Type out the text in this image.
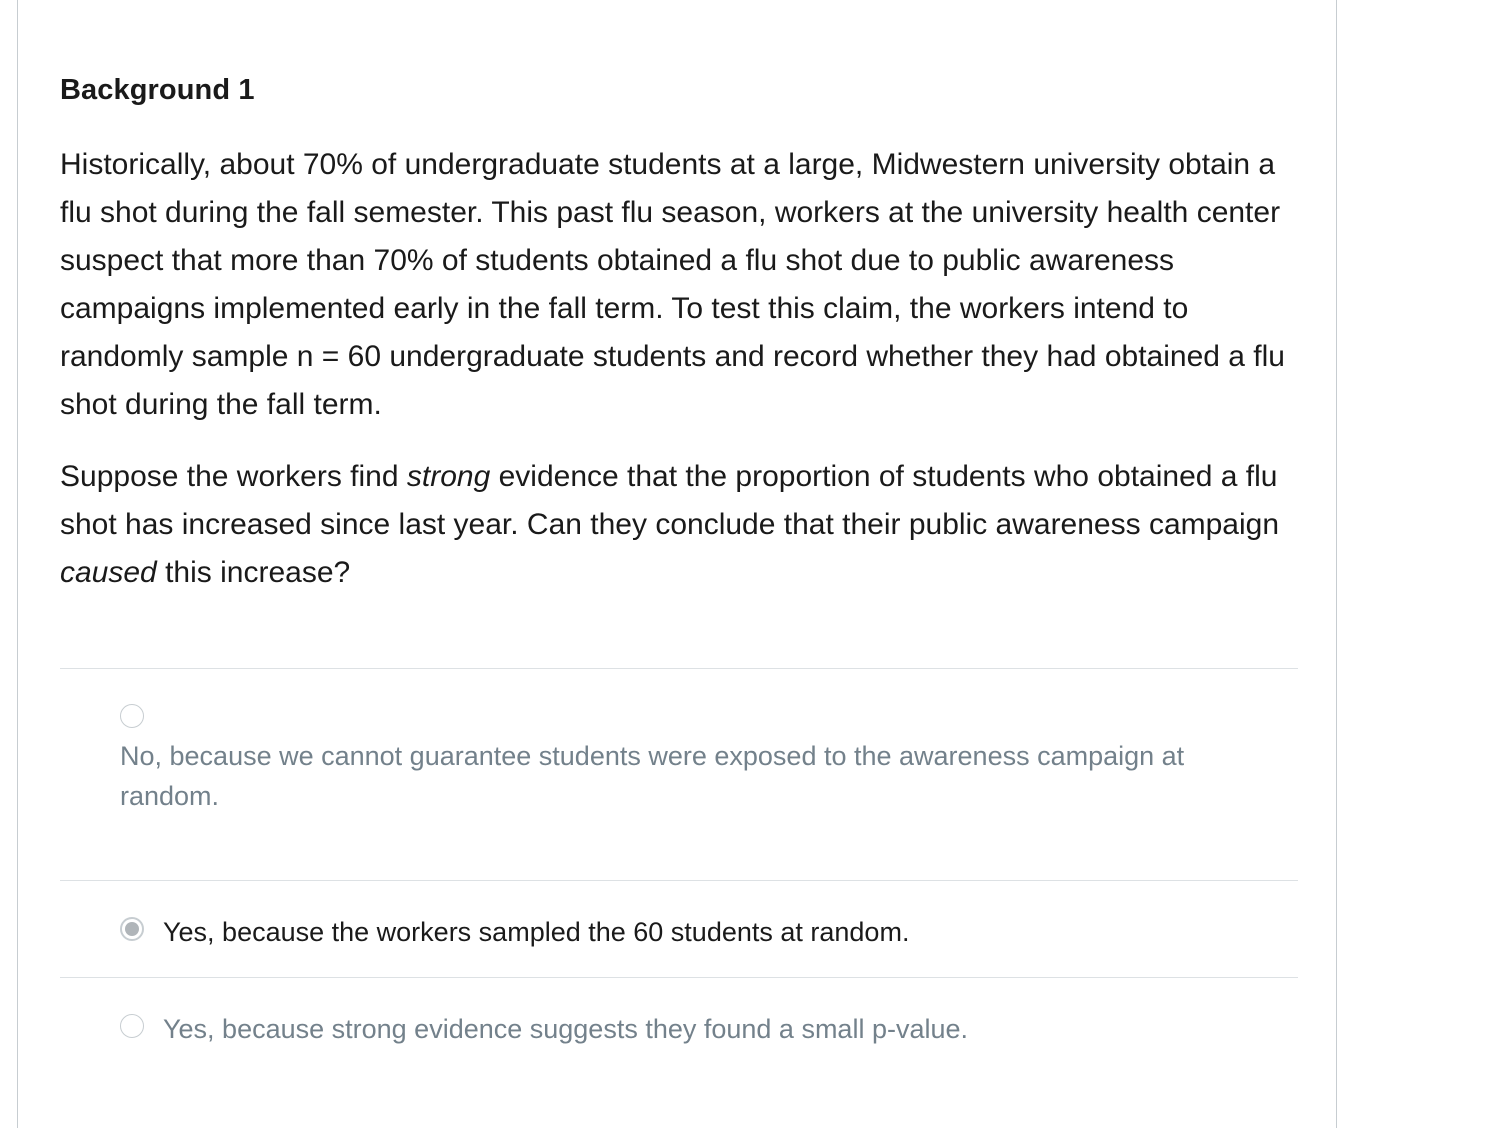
Background 1

Historically, about 70% of undergraduate students at a large, Midwestern university obtain a flu shot during the fall semester. This past flu season, workers at the university health center suspect that more than 70% of students obtained a flu shot due to public awareness campaigns implemented early in the fall term. To test this claim, the workers intend to randomly sample n = 60 undergraduate students and record whether they had obtained a flu shot during the fall term.

Suppose the workers find strong evidence that the proportion of students who obtained a flu shot has increased since last year. Can they conclude that their public awareness campaign caused this increase?

No, because we cannot guarantee students were exposed to the awareness campaign at random.
Yes, because the workers sampled the 60 students at random.
Yes, because strong evidence suggests they found a small p-value.
